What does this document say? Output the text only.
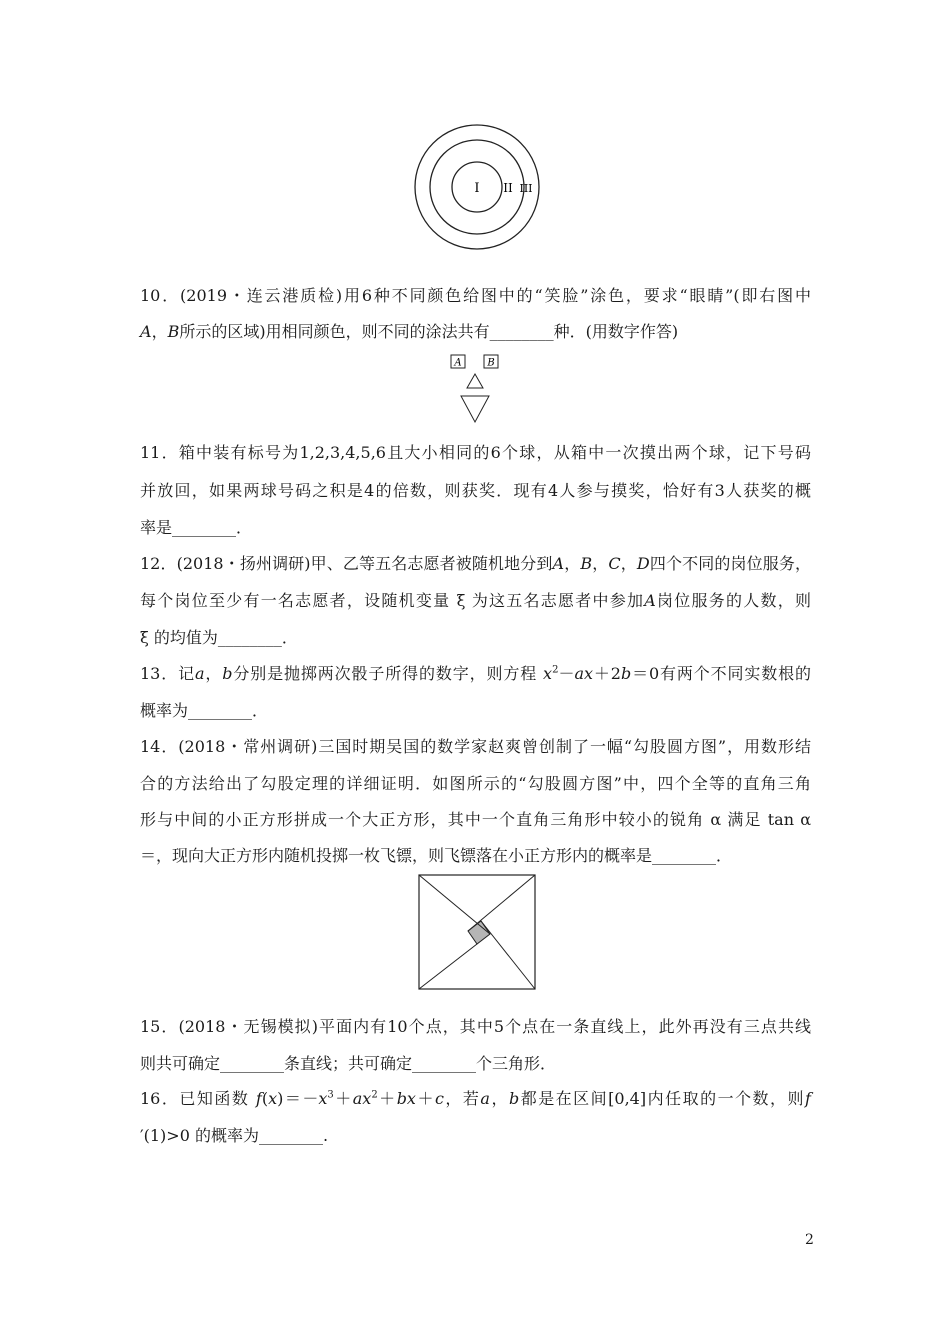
I II III
10．(2019・连云港质检)用6种不同颜色给图中的“笑脸”涂色，要求“眼睛”(即右图中
A，B所示的区域)用相同颜色，则不同的涂法共有________种．(用数字作答)
A	B
11．箱中装有标号为1,2,3,4,5,6且大小相同的6个球，从箱中一次摸出两个球，记下号码
并放回，如果两球号码之积是4的倍数，则获奖．现有4人参与摸奖，恰好有3人获奖的概
率是________．
12．(2018・扬州调研)甲、乙等五名志愿者被随机地分到A，B，C，D四个不同的岗位服务，
每个岗位至少有一名志愿者，设随机变量 ξ 为这五名志愿者中参加A岗位服务的人数，则
ξ 的均值为________．
13．记a，b分别是抛掷两次骰子所得的数字，则方程 $x^2-ax+2b=0$有两个不同实数根的
概率为________．
14．(2018・常州调研)三国时期吴国的数学家赵爽曾创制了一幅“勾股圆方图”，用数形结
合的方法给出了勾股定理的详细证明．如图所示的“勾股圆方图”中，四个全等的直角三角
形与中间的小正方形拼成一个大正方形，其中一个直角三角形中较小的锐角 α 满足 tan α
＝，现向大正方形内随机投掷一枚飞镖，则飞镖落在小正方形内的概率是________．
15．(2018・无锡模拟)平面内有10个点，其中5个点在一条直线上，此外再没有三点共线
则共可确定________条直线；共可确定________个三角形．
16．已知函数 $f(x)=-x^3+ax^2+bx+c$，若a，b都是在区间[0,4]内任取的一个数，则f
′(1)>0 的概率为________.
2
